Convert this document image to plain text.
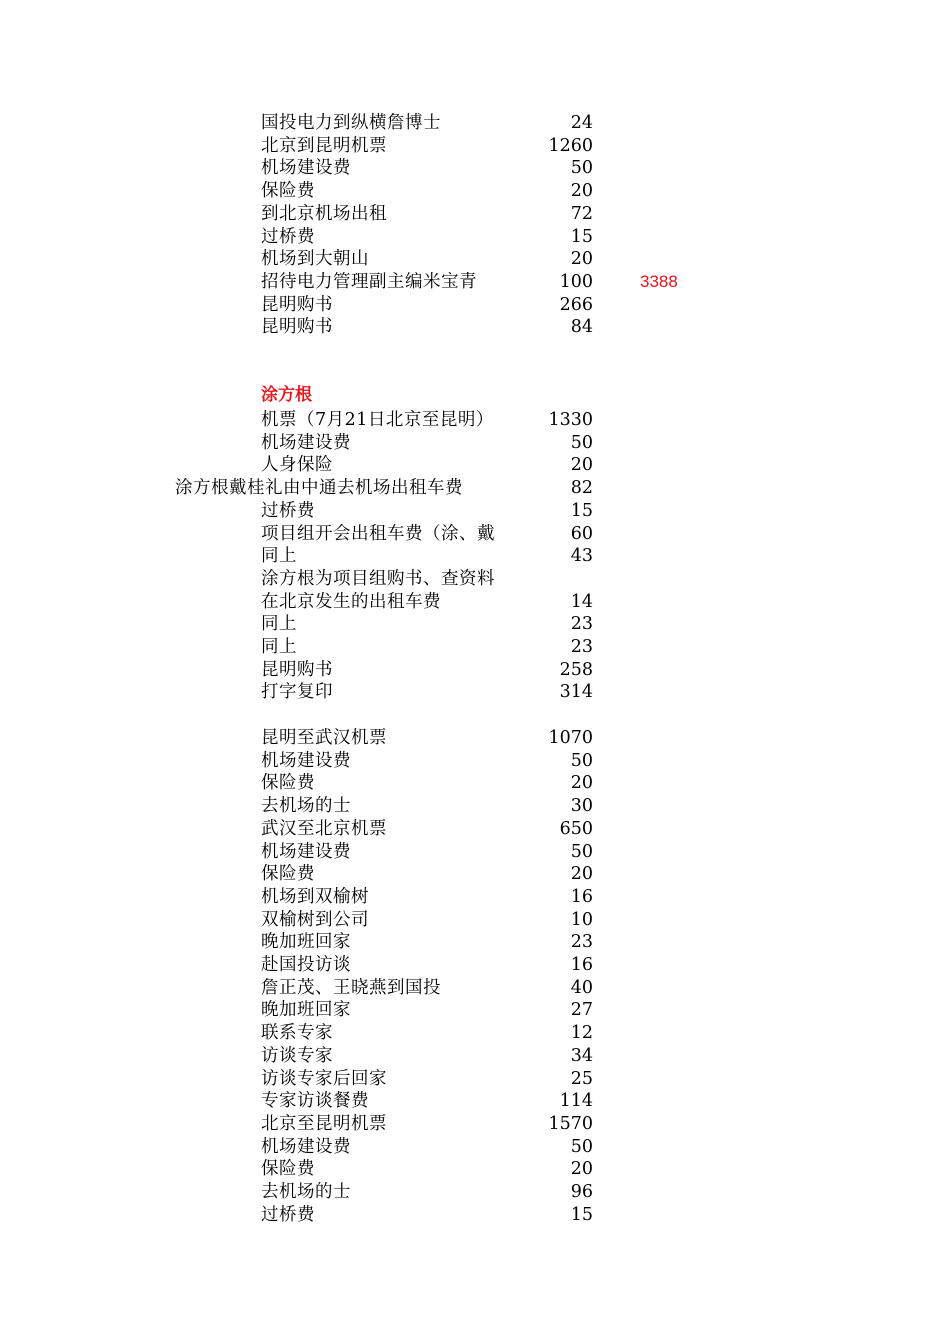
国投电力到纵横詹博士	24
北京到昆明机票	1260
机场建设费	50
保险费	20
到北京机场出租	72
过桥费	15
机场到大朝山	20
招待电力管理副主编米宝青	100	3388
昆明购书	266
昆明购书	84
涂方根
机票（7月21日北京至昆明）	1330
机场建设费	50
人身保险	20
涂方根戴桂礼由中通去机场出租车费	82
过桥费	15
项目组开会出租车费（涂、戴	60
同上	43
涂方根为项目组购书、查资料
在北京发生的出租车费	14
同上	23
同上	23
昆明购书	258
打字复印	314
昆明至武汉机票	1070
机场建设费	50
保险费	20
去机场的士	30
武汉至北京机票	650
机场建设费	50
保险费	20
机场到双榆树	16
双榆树到公司	10
晚加班回家	23
赴国投访谈	16
詹正茂、王晓燕到国投	40
晚加班回家	27
联系专家	12
访谈专家	34
访谈专家后回家	25
专家访谈餐费	114
北京至昆明机票	1570
机场建设费	50
保险费	20
去机场的士	96
过桥费	15
